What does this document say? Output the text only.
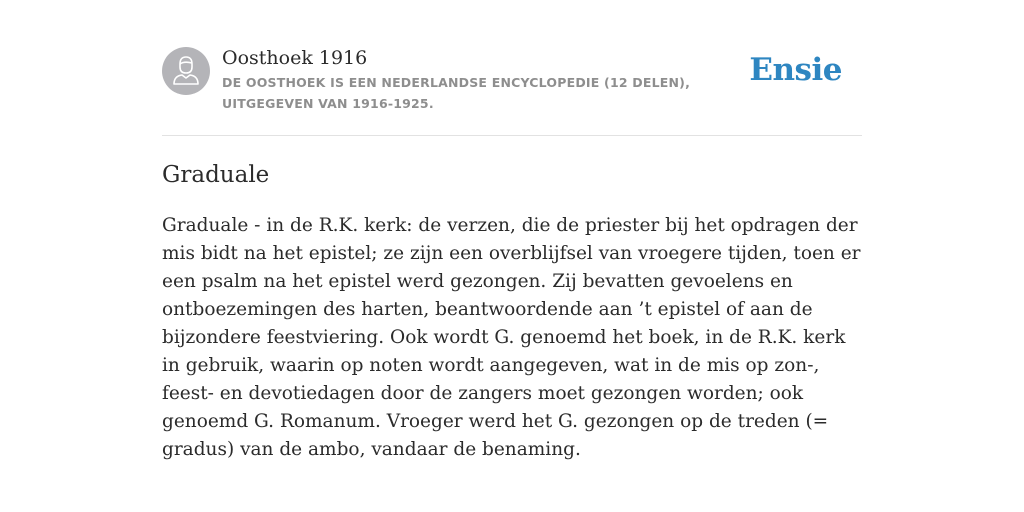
Oosthoek 1916
DE OOSTHOEK IS EEN NEDERLANDSE ENCYCLOPEDIE (12 DELEN), UITGEGEVEN VAN 1916-1925.
Ensie
Graduale

Graduale - in de R.K. kerk: de verzen, die de priester bij het opdragen der mis bidt na het epistel; ze zijn een overblijfsel van vroegere tijden, toen er een psalm na het epistel werd gezongen. Zij bevatten gevoelens en ontboezemingen des harten, beantwoordende aan ’t epistel of aan de bijzondere feestviering. Ook wordt G. genoemd het boek, in de R.K. kerk in gebruik, waarin op noten wordt aangegeven, wat in de mis op zon-, feest- en devotiedagen door de zangers moet gezongen worden; ook genoemd G. Romanum. Vroeger werd het G. gezongen op de treden (= gradus) van de ambo, vandaar de benaming.
